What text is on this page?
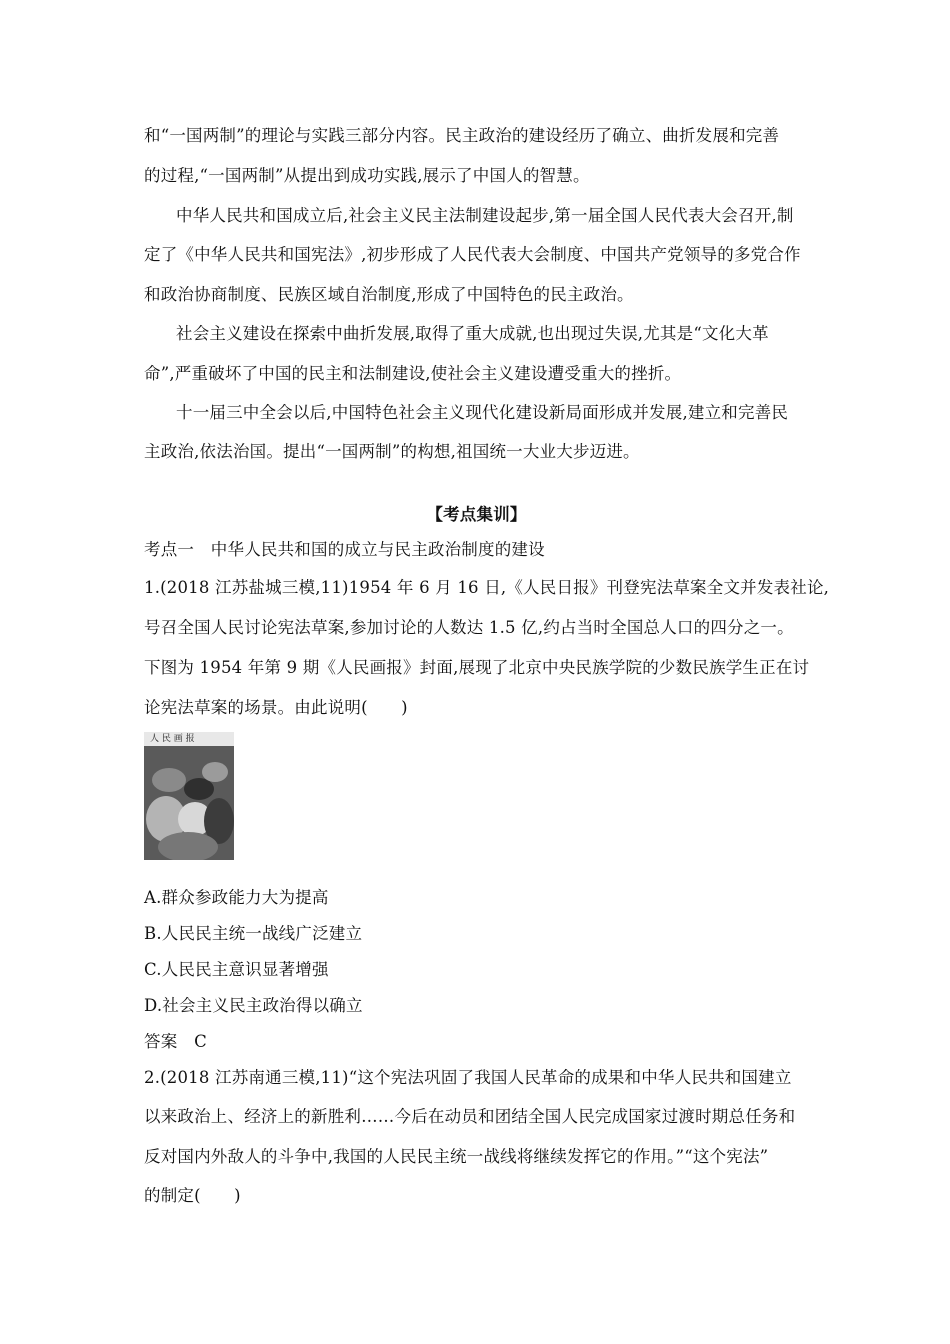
和“一国两制”的理论与实践三部分内容。民主政治的建设经历了确立、曲折发展和完善
的过程,“一国两制”从提出到成功实践,展示了中国人的智慧。
中华人民共和国成立后,社会主义民主法制建设起步,第一届全国人民代表大会召开,制
定了《中华人民共和国宪法》,初步形成了人民代表大会制度、中国共产党领导的多党合作
和政治协商制度、民族区域自治制度,形成了中国特色的民主政治。
社会主义建设在探索中曲折发展,取得了重大成就,也出现过失误,尤其是“文化大革
命”,严重破坏了中国的民主和法制建设,使社会主义建设遭受重大的挫折。
十一届三中全会以后,中国特色社会主义现代化建设新局面形成并发展,建立和完善民
主政治,依法治国。提出“一国两制”的构想,祖国统一大业大步迈进。
【考点集训】
考点一　中华人民共和国的成立与民主政治制度的建设
1.(2018 江苏盐城三模,11)1954 年 6 月 16 日,《人民日报》刊登宪法草案全文并发表社论,
号召全国人民讨论宪法草案,参加讨论的人数达 1.5 亿,约占当时全国总人口的四分之一。
下图为 1954 年第 9 期《人民画报》封面,展现了北京中央民族学院的少数民族学生正在讨
论宪法草案的场景。由此说明(　　)
人 民 画 报
A.群众参政能力大为提高
B.人民民主统一战线广泛建立
C.人民民主意识显著增强
D.社会主义民主政治得以确立
答案　C
2.(2018 江苏南通三模,11)“这个宪法巩固了我国人民革命的成果和中华人民共和国建立
以来政治上、经济上的新胜利……今后在动员和团结全国人民完成国家过渡时期总任务和
反对国内外敌人的斗争中,我国的人民民主统一战线将继续发挥它的作用。”“这个宪法”
的制定(　　)
